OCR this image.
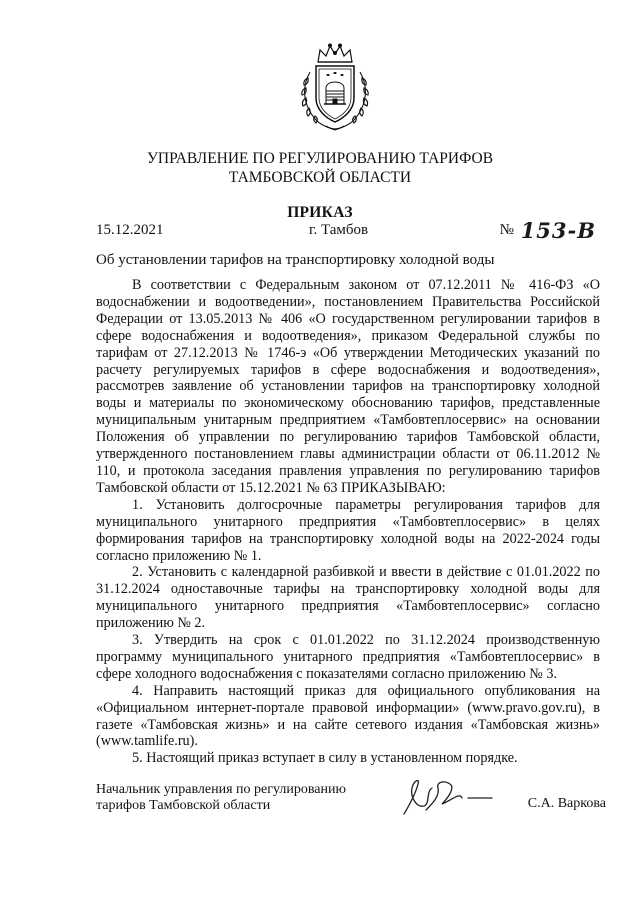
УПРАВЛЕНИЕ ПО РЕГУЛИРОВАНИЮ ТАРИФОВ
ТАМБОВСКОЙ ОБЛАСТИ
ПРИКАЗ
15.12.2021	г. Тамбов	№ 153-В
Об установлении тарифов на транспортировку холодной воды

В соответствии с Федеральным законом от 07.12.2011 № 416-ФЗ «О водоснабжении и водоотведении», постановлением Правительства Российской Федерации от 13.05.2013 № 406 «О государственном регулировании тарифов в сфере водоснабжения и водоотведения», приказом Федеральной службы по тарифам от 27.12.2013 № 1746-э «Об утверждении Методических указаний по расчету регулируемых тарифов в сфере водоснабжения и водоотведения», рассмотрев заявление об установлении тарифов на транспортировку холодной воды и материалы по экономическому обоснованию тарифов, представленные муниципальным унитарным предприятием «Тамбовтеплосервис» на основании Положения об управлении по регулированию тарифов Тамбовской области, утвержденного постановлением главы администрации области от 06.11.2012 № 110, и протокола заседания правления управления по регулированию тарифов Тамбовской области от 15.12.2021 № 63 ПРИКАЗЫВАЮ:

1. Установить долгосрочные параметры регулирования тарифов для муниципального унитарного предприятия «Тамбовтеплосервис» в целях формирования тарифов на транспортировку холодной воды на 2022-2024 годы согласно приложению № 1.

2. Установить с календарной разбивкой и ввести в действие с 01.01.2022 по 31.12.2024 одноставочные тарифы на транспортировку холодной воды для муниципального унитарного предприятия «Тамбовтеплосервис» согласно приложению № 2.

3. Утвердить на срок с 01.01.2022 по 31.12.2024 производственную программу муниципального унитарного предприятия «Тамбовтеплосервис» в сфере холодного водоснабжения с показателями согласно приложению № 3.

4. Направить настоящий приказ для официального опубликования на «Официальном интернет-портале правовой информации» (www.pravo.gov.ru), в газете «Тамбовская жизнь» и на сайте сетевого издания «Тамбовская жизнь» (www.tamlife.ru).

5. Настоящий приказ вступает в силу в установленном порядке.

Начальник управления по регулированию
тарифов Тамбовской области	С.А. Варкова
